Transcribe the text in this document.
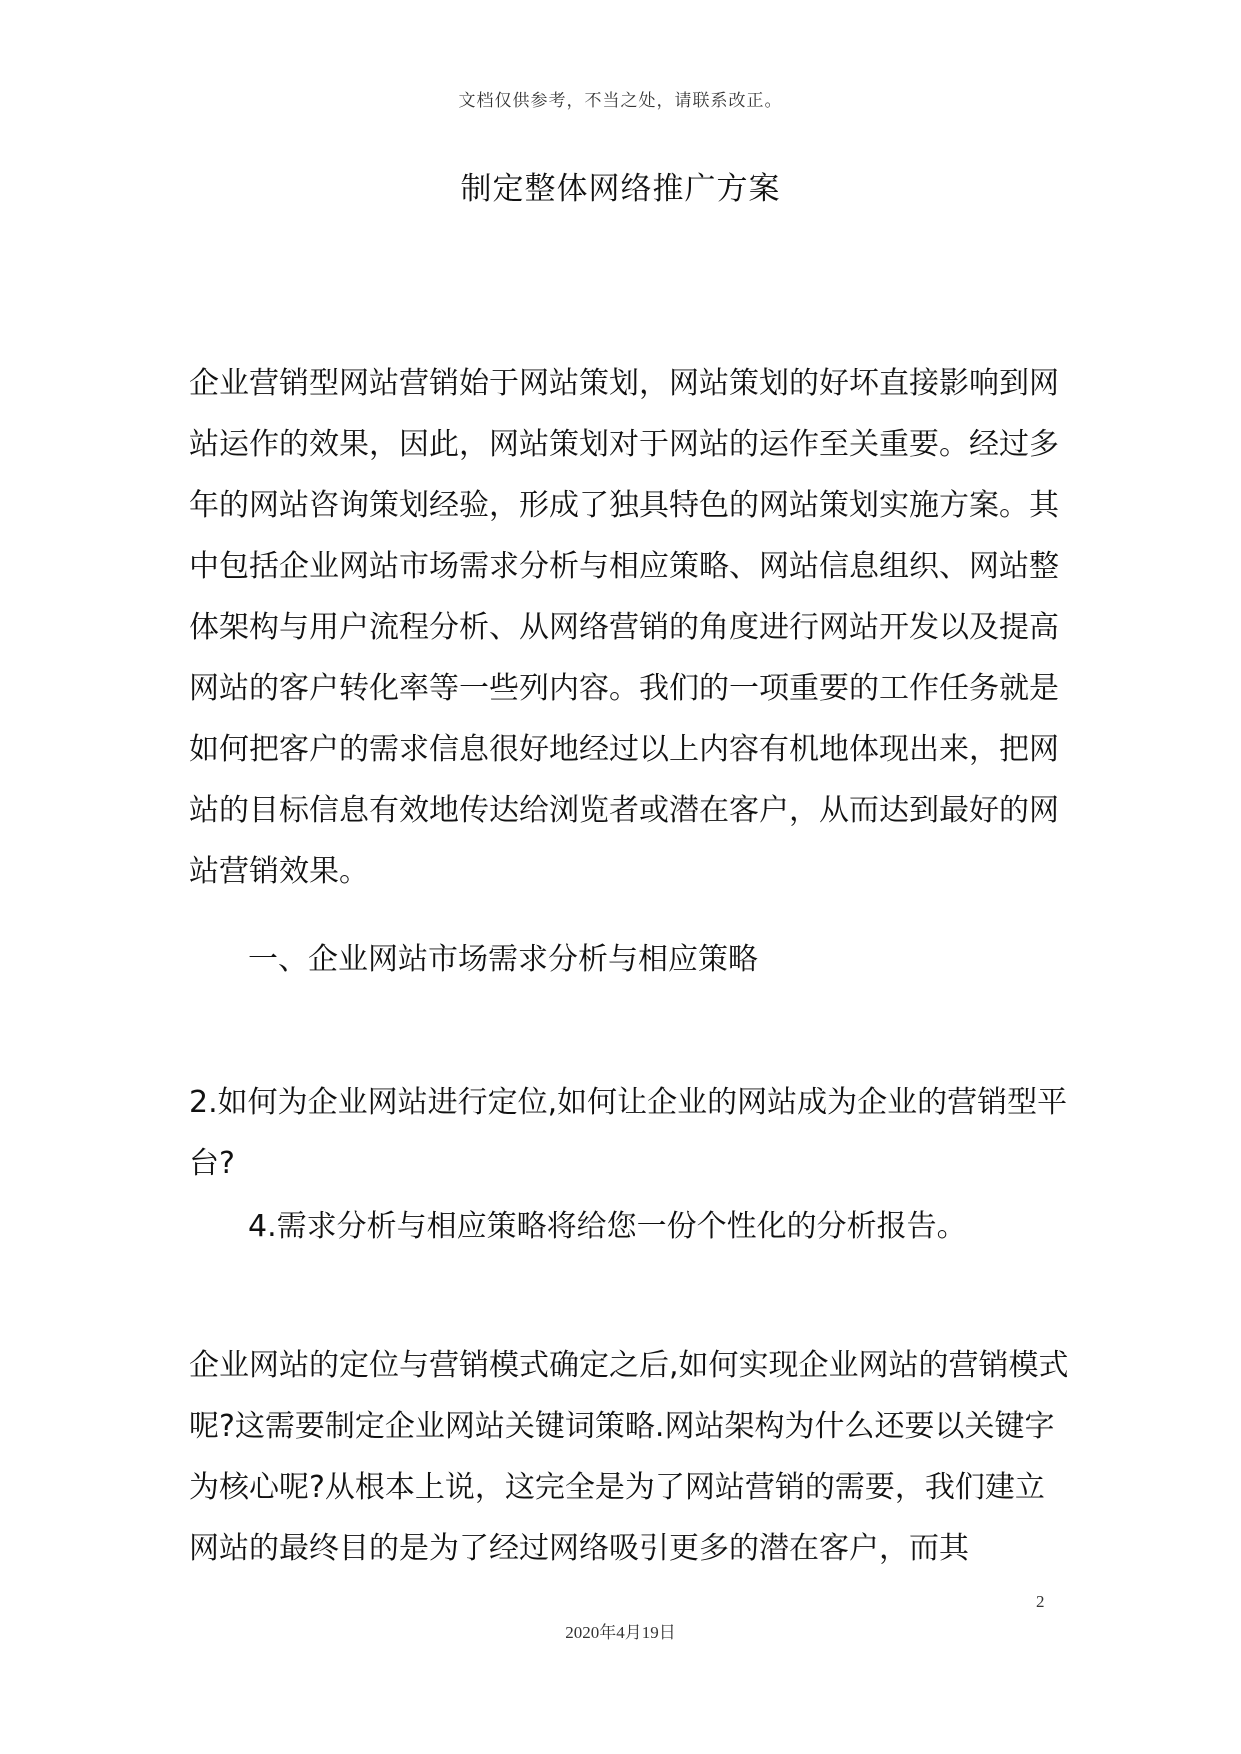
文档仅供参考，不当之处，请联系改正。
制定整体网络推广方案
企业营销型网站营销始于网站策划，网站策划的好坏直接影响到网站运作的效果，因此，网站策划对于网站的运作至关重要。经过多年的网站咨询策划经验，形成了独具特色的网站策划实施方案。其中包括企业网站市场需求分析与相应策略、网站信息组织、网站整体架构与用户流程分析、从网络营销的角度进行网站开发以及提高网站的客户转化率等一些列内容。我们的一项重要的工作任务就是如何把客户的需求信息很好地经过以上内容有机地体现出来，把网站的目标信息有效地传达给浏览者或潜在客户，从而达到最好的网站营销效果。
一、企业网站市场需求分析与相应策略
2.如何为企业网站进行定位,如何让企业的网站成为企业的营销型平台?
4.需求分析与相应策略将给您一份个性化的分析报告。
企业网站的定位与营销模式确定之后,如何实现企业网站的营销模式呢?这需要制定企业网站关键词策略.网站架构为什么还要以关键字为核心呢?从根本上说，这完全是为了网站营销的需要，我们建立网站的最终目的是为了经过网络吸引更多的潜在客户，而其
2
2020年4月19日
